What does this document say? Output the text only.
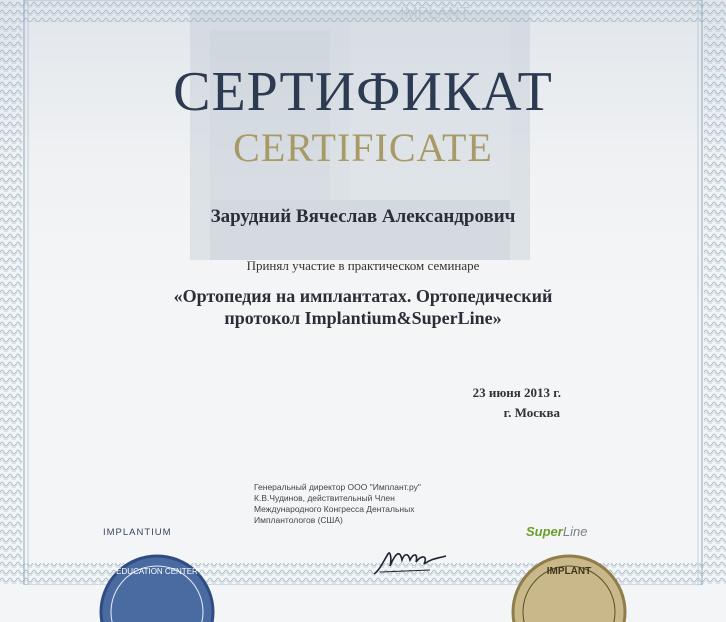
IMPLANT
СЕРТИФИКАТ
CERTIFICATE
Зарудний Вячеслав Александрович
Принял участие в практическом семинаре
«Ортопедия на имплантатах. Ортопедический
протокол Implantium&SuperLine»
23 июня 2013 г.
г. Москва
Генеральный директор ООО "Имплант.ру"
К.В.Чудинов, действительный Член
Международного Конгресса Дентальных
Имплантологов (США)
IMPLANTIUM	SuperLine
EDUCATION CENTER	IMPLANT
